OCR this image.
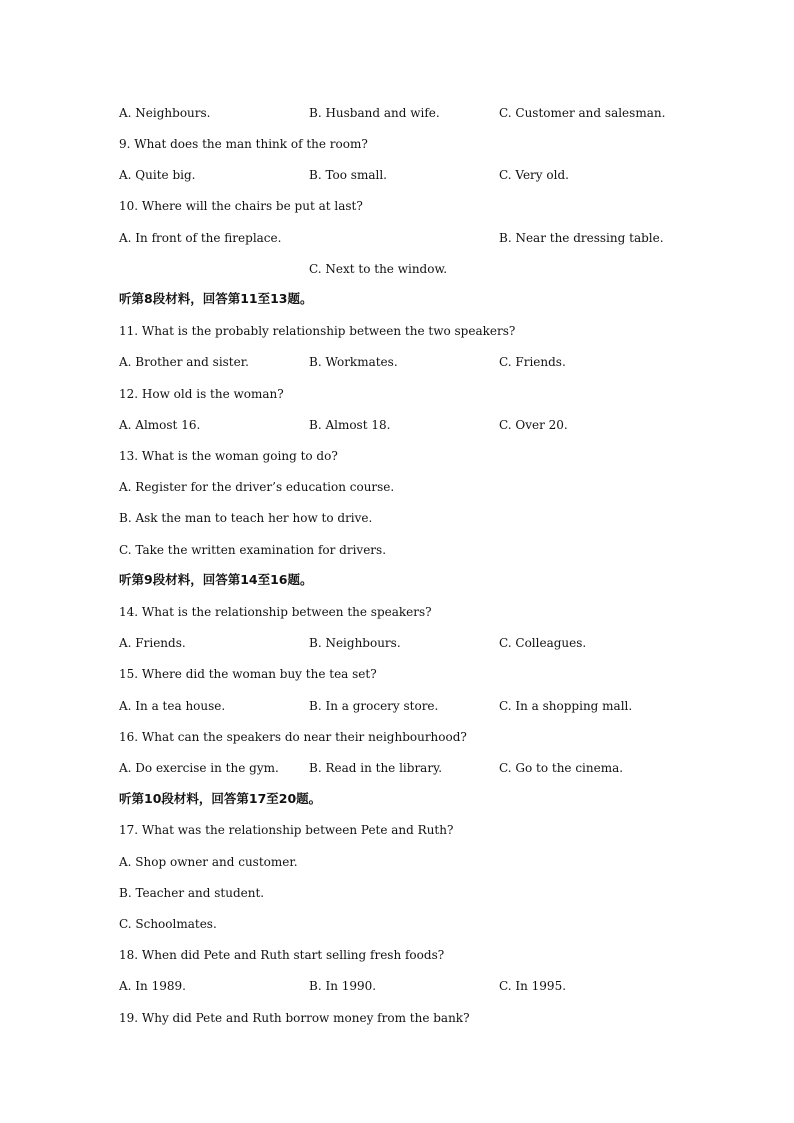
A. Neighbours.	B. Husband and wife.	C. Customer and salesman.
9. What does the man think of the room?
A. Quite big.	B. Too small.	C. Very old.
10. Where will the chairs be put at last?
A. In front of the fireplace.	B. Near the dressing table.
C. Next to the window.
听第8段材料，回答第11至13题。
11. What is the probably relationship between the two speakers?
A. Brother and sister.	B. Workmates.	C. Friends.
12. How old is the woman?
A. Almost 16.	B. Almost 18.	C. Over 20.
13. What is the woman going to do?
A. Register for the driver’s education course.
B. Ask the man to teach her how to drive.
C. Take the written examination for drivers.
听第9段材料，回答第14至16题。
14. What is the relationship between the speakers?
A. Friends.	B. Neighbours.	C. Colleagues.
15. Where did the woman buy the tea set?
A. In a tea house.	B. In a grocery store.	C. In a shopping mall.
16. What can the speakers do near their neighbourhood?
A. Do exercise in the gym.	B. Read in the library.	C. Go to the cinema.
听第10段材料，回答第17至20题。
17. What was the relationship between Pete and Ruth?
A. Shop owner and customer.
B. Teacher and student.
C. Schoolmates.
18. When did Pete and Ruth start selling fresh foods?
A. In 1989.	B. In 1990.	C. In 1995.
19. Why did Pete and Ruth borrow money from the bank?
